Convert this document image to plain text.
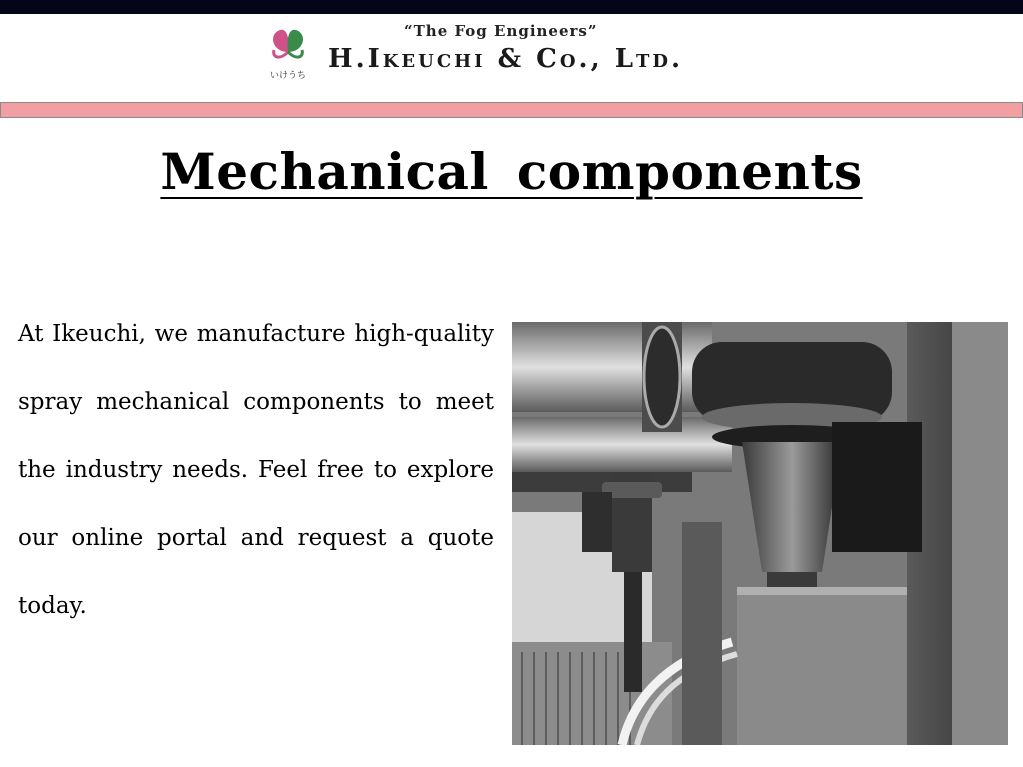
いけうち
“The Fog Engineers”
H.Ikeuchi & Co., Ltd.
Mechanical components
At Ikeuchi, we manufacture high-quality spray mechanical components to meet the industry needs. Feel free to explore our online portal and request a quote today.
